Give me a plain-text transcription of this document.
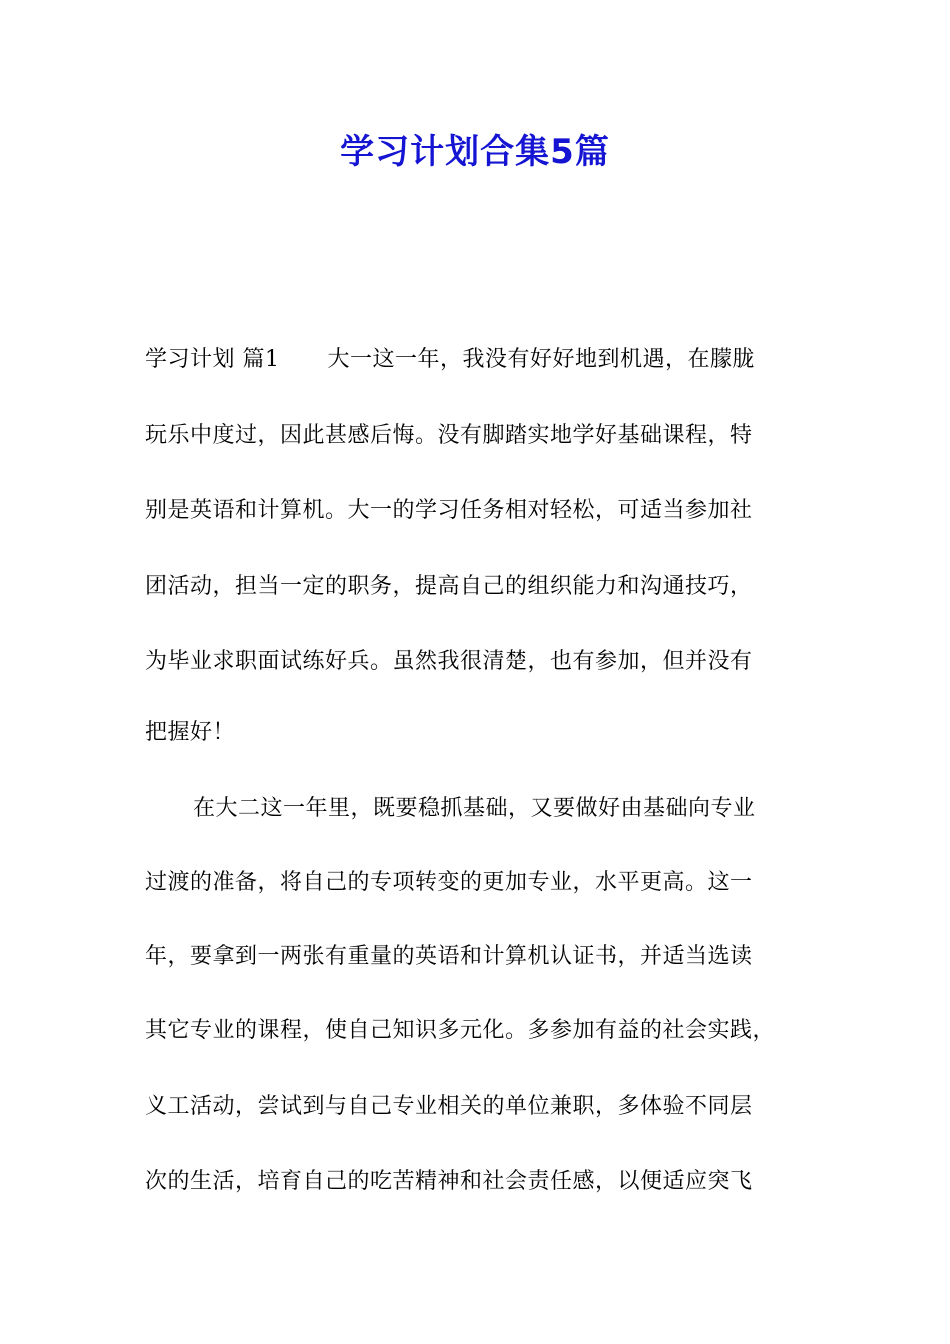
学习计划合集5篇
学习计划 篇1 大一这一年，我没有好好地到机遇，在朦胧
玩乐中度过，因此甚感后悔。没有脚踏实地学好基础课程，特
别是英语和计算机。大一的学习任务相对轻松，可适当参加社
团活动，担当一定的职务，提高自己的组织能力和沟通技巧，
为毕业求职面试练好兵。虽然我很清楚，也有参加，但并没有
把握好！
在大二这一年里，既要稳抓基础，又要做好由基础向专业
过渡的准备，将自己的专项转变的更加专业，水平更高。这一
年，要拿到一两张有重量的英语和计算机认证书，并适当选读
其它专业的课程，使自己知识多元化。多参加有益的社会实践，
义工活动，尝试到与自己专业相关的单位兼职，多体验不同层
次的生活，培育自己的吃苦精神和社会责任感，以便适应突飞
